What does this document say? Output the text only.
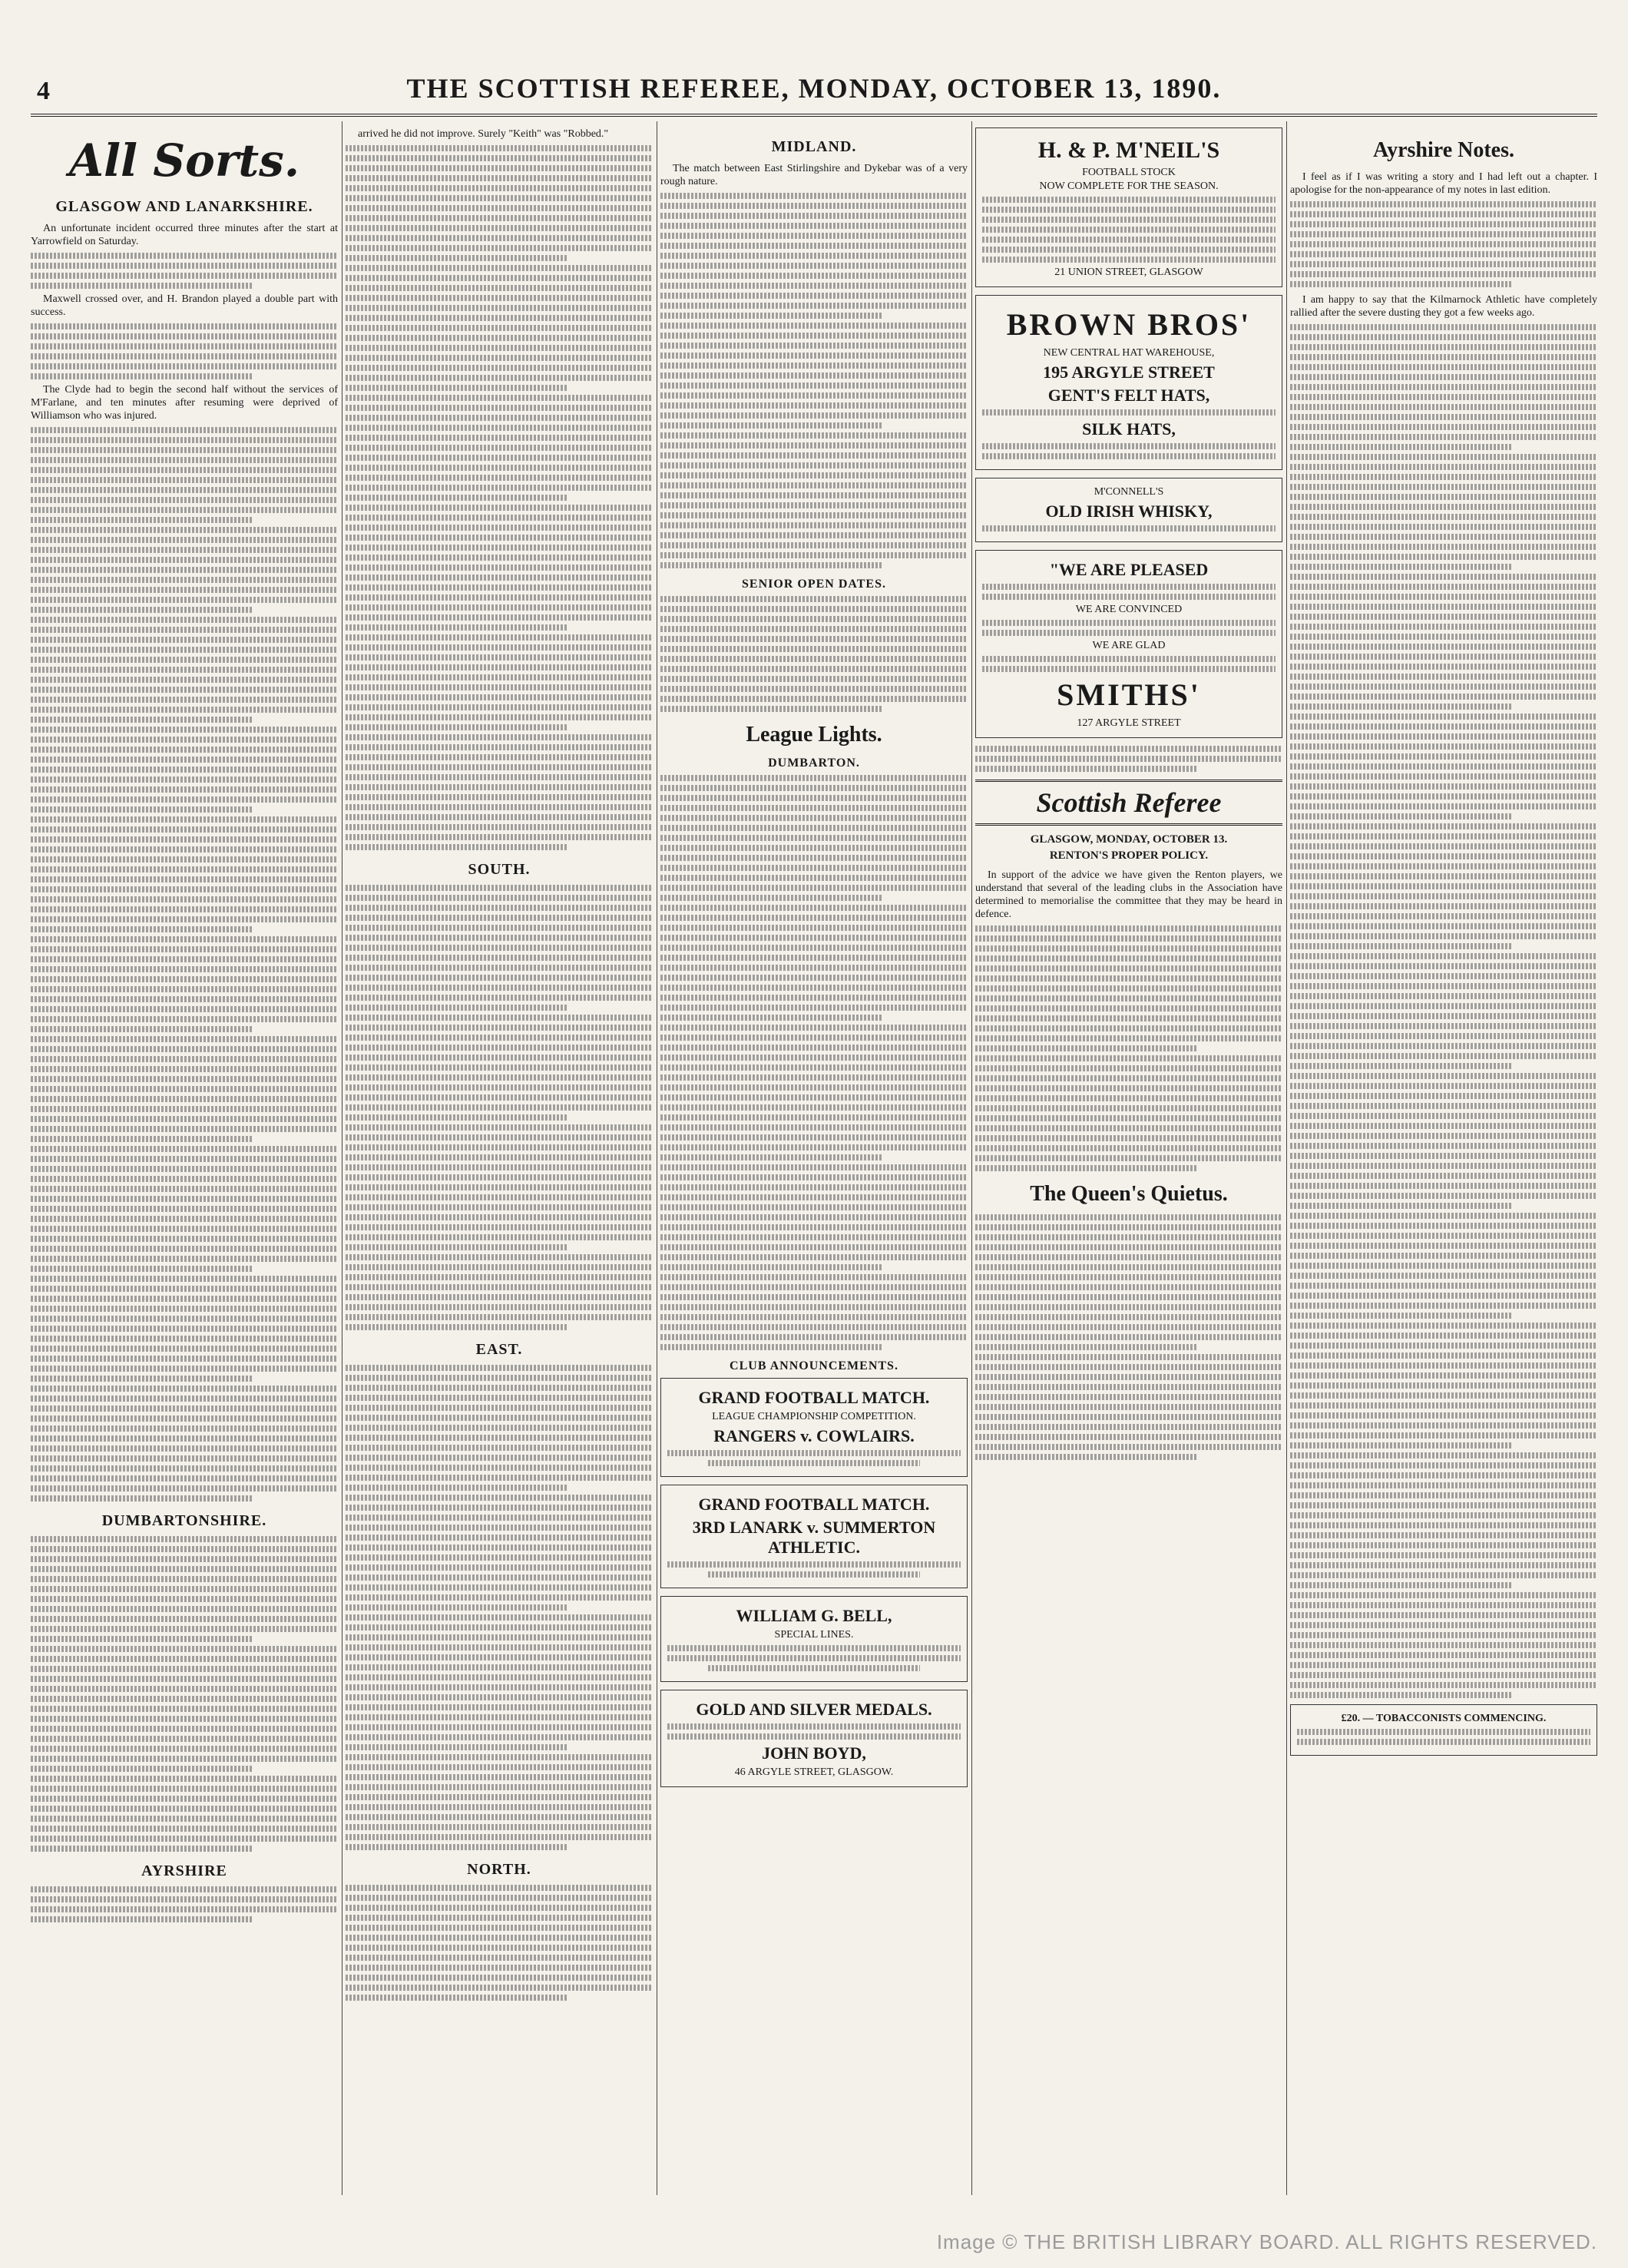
4	THE SCOTTISH REFEREE, MONDAY, OCTOBER 13, 1890.
All Sorts.
GLASGOW AND LANARKSHIRE.

An unfortunate incident occurred three minutes after the start at Yarrowfield on Saturday.

Maxwell crossed over, and H. Brandon played a double part with success.

The Clyde had to begin the second half without the services of M'Farlane, and ten minutes after resuming were deprived of Williamson who was injured.

DUMBARTONSHIRE.
AYRSHIRE

arrived he did not improve. Surely "Keith" was "Robbed."

SOUTH.
EAST.
NORTH.
MIDLAND.

The match between East Stirlingshire and Dykebar was of a very rough nature.

SENIOR OPEN DATES.
League Lights.
DUMBARTON.
CLUB ANNOUNCEMENTS.
GRAND FOOTBALL MATCH.
LEAGUE CHAMPIONSHIP COMPETITION.
RANGERS v. COWLAIRS.
GRAND FOOTBALL MATCH.
3RD LANARK v. SUMMERTON ATHLETIC.
WILLIAM G. BELL,
SPECIAL LINES.
GOLD AND SILVER MEDALS.
JOHN BOYD,
46 ARGYLE STREET, GLASGOW.
H. & P. M'NEIL'S
FOOTBALL STOCK
NOW COMPLETE FOR THE SEASON.
21 UNION STREET, GLASGOW
BROWN BROS'
NEW CENTRAL HAT WAREHOUSE,
195 ARGYLE STREET
GENT'S FELT HATS,
SILK HATS,
M'CONNELL'S
OLD IRISH WHISKY,
"WE ARE PLEASED
WE ARE CONVINCED
WE ARE GLAD
SMITHS'
127 ARGYLE STREET
Scottish Referee
GLASGOW, MONDAY, OCTOBER 13.
RENTON'S PROPER POLICY.

In support of the advice we have given the Renton players, we understand that several of the leading clubs in the Association have determined to memorialise the committee that they may be heard in defence.

The Queen's Quietus.
Ayrshire Notes.

I feel as if I was writing a story and I had left out a chapter. I apologise for the non-appearance of my notes in last edition.

I am happy to say that the Kilmarnock Athletic have completely rallied after the severe dusting they got a few weeks ago.

£20. — TOBACCONISTS COMMENCING.
Image © THE BRITISH LIBRARY BOARD. ALL RIGHTS RESERVED.
